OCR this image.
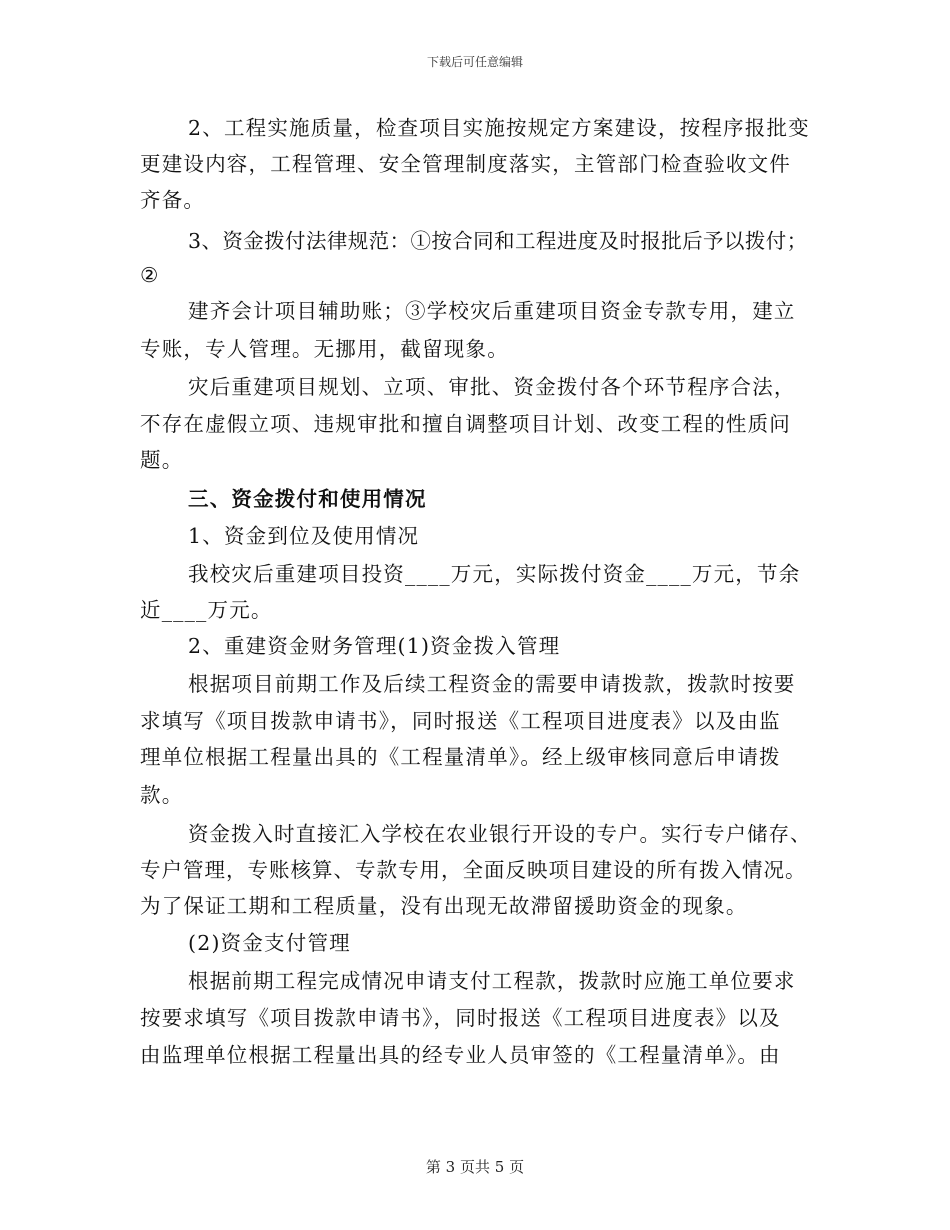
下载后可任意编辑
2、工程实施质量，检查项目实施按规定方案建设，按程序报批变
更建设内容，工程管理、安全管理制度落实，主管部门检查验收文件
齐备。
3、资金拨付法律规范：①按合同和工程进度及时报批后予以拨付；
②
建齐会计项目辅助账；③学校灾后重建项目资金专款专用，建立
专账，专人管理。无挪用，截留现象。
灾后重建项目规划、立项、审批、资金拨付各个环节程序合法，
不存在虚假立项、违规审批和擅自调整项目计划、改变工程的性质问
题。
三、资金拨付和使用情况
1、资金到位及使用情况
我校灾后重建项目投资____万元，实际拨付资金____万元，节余
近____万元。
2、重建资金财务管理(1)资金拨入管理
根据项目前期工作及后续工程资金的需要申请拨款，拨款时按要
求填写《项目拨款申请书》，同时报送《工程项目进度表》以及由监
理单位根据工程量出具的《工程量清单》。经上级审核同意后申请拨
款。
资金拨入时直接汇入学校在农业银行开设的专户。实行专户储存、
专户管理，专账核算、专款专用，全面反映项目建设的所有拨入情况。
为了保证工期和工程质量，没有出现无故滞留援助资金的现象。
(2)资金支付管理
根据前期工程完成情况申请支付工程款，拨款时应施工单位要求
按要求填写《项目拨款申请书》，同时报送《工程项目进度表》以及
由监理单位根据工程量出具的经专业人员审签的《工程量清单》。由
第 3 页共 5 页
